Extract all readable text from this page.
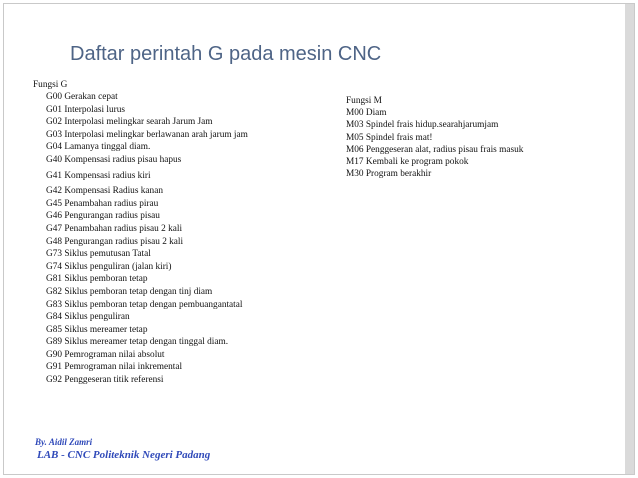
Daftar perintah G pada mesin CNC
Fungsi G
G00 Gerakan cepat
G01 Interpolasi lurus
G02 Interpolasi melingkar searah Jarum Jam
G03 Interpolasi melingkar berlawanan arah jarum jam
G04 Lamanya tinggal diam.
G40 Kompensasi radius pisau hapus
G41 Kompensasi radius kiri
G42 Kompensasi Radius kanan
G45 Penambahan radius pirau
G46 Pengurangan radius pisau
G47 Penambahan radius pisau 2 kali
G48 Pengurangan radius pisau 2 kali
G73 Siklus pemutusan Tatal
G74 Siklus penguliran (jalan kiri)
G81 Siklus pemboran tetap
G82 Siklus pemboran tetap dengan tinj diam
G83 Siklus pemboran tetap dengan pembuangantatal
G84 Siklus penguliran
G85 Siklus mereamer tetap
G89 Siklus mereamer tetap dengan tinggal diam.
G90 Pemrograman nilai absolut
G91 Pemrograman nilai inkremental
G92 Penggeseran titik referensi
Fungsi M
M00 Diam
M03 Spindel frais hidup.searahjarumjam
M05 Spindel frais mat!
M06 Penggeseran alat, radius pisau frais masuk
M17 Kembali ke program pokok
M30 Program berakhir
By. Aidil Zamri
LAB - CNC Politeknik Negeri Padang
